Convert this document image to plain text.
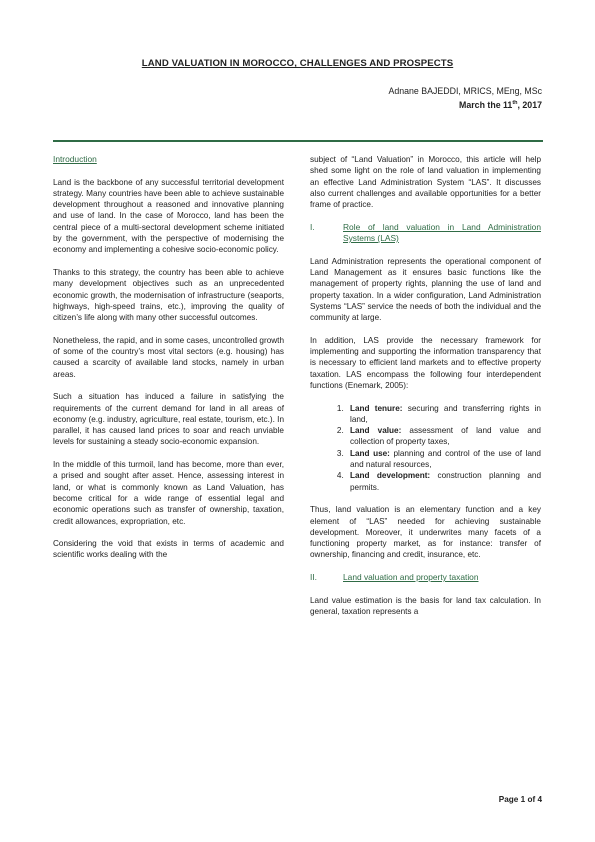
LAND VALUATION IN MOROCCO, CHALLENGES AND PROSPECTS
Adnane BAJEDDI, MRICS, MEng, MSc
March the 11th, 2017
Introduction

Land is the backbone of any successful territorial development strategy. Many countries have been able to achieve sustainable development throughout a reasoned and innovative planning and use of land. In the case of Morocco, land has been the central piece of a multi-sectoral development scheme initiated by the government, with the perspective of modernising the economy and implementing a cohesive socio-economic policy.

Thanks to this strategy, the country has been able to achieve many development objectives such as an unprecedented economic growth, the modernisation of infrastructure (seaports, highways, high-speed trains, etc.), improving the quality of citizen’s life along with many other successful outcomes.

Nonetheless, the rapid, and in some cases, uncontrolled growth of some of the country’s most vital sectors (e.g. housing) has caused a scarcity of available land stocks, namely in urban areas.

Such a situation has induced a failure in satisfying the requirements of the current demand for land in all areas of economy (e.g. industry, agriculture, real estate, tourism, etc.). In parallel, it has caused land prices to soar and reach unviable levels for sustaining a steady socio-economic expansion.

In the middle of this turmoil, land has become, more than ever, a prised and sought after asset. Hence, assessing interest in land, or what is commonly known as Land Valuation, has become critical for a wide range of essential legal and economic operations such as transfer of ownership, taxation, credit allowances, expropriation, etc.

Considering the void that exists in terms of academic and scientific works dealing with the

subject of “Land Valuation” in Morocco, this article will help shed some light on the role of land valuation in implementing an effective Land Administration System “LAS”. It discusses also current challenges and available opportunities for a better frame of practice.

I.	Role of land valuation in Land Administration Systems (LAS)

Land Administration represents the operational component of Land Management as it ensures basic functions like the management of property rights, planning the use of land and property taxation. In a wider configuration, Land Administration Systems “LAS” service the needs of both the individual and the community at large.

In addition, LAS provide the necessary framework for implementing and supporting the information transparency that is necessary to efficient land markets and to effective property taxation. LAS encompass the following four interdependent functions (Enemark, 2005):

1. Land tenure: securing and transferring rights in land,
2. Land value: assessment of land value and collection of property taxes,
3. Land use: planning and control of the use of land and natural resources,
4. Land development: construction planning and permits.

Thus, land valuation is an elementary function and a key element of “LAS” needed for achieving sustainable development. Moreover, it underwrites many facets of a functioning property market, as for instance: transfer of ownership, financing and credit, insurance, etc.

II.	Land valuation and property taxation

Land value estimation is the basis for land tax calculation. In general, taxation represents a

Page 1 of 4
